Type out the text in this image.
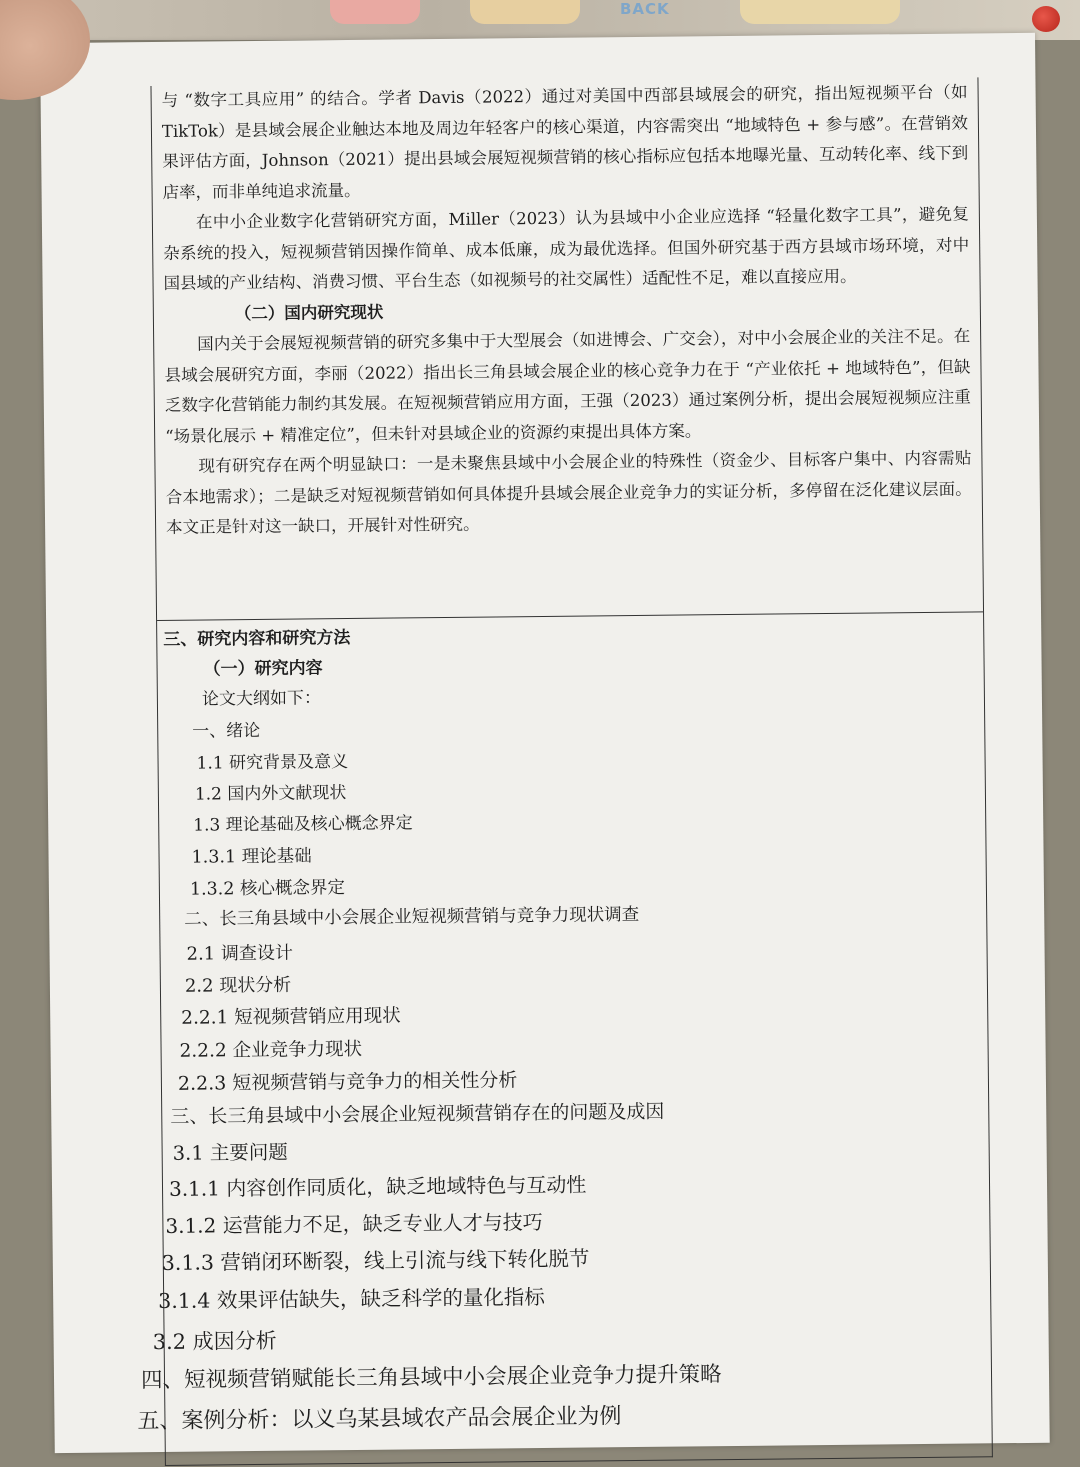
BACK

与 “数字工具应用” 的结合。学者 Davis（2022）通过对美国中西部县域展会的研究，指出短视频平台（如 TikTok）是县域会展企业触达本地及周边年轻客户的核心渠道，内容需突出 “地域特色 + 参与感”。在营销效果评估方面，Johnson（2021）提出县域会展短视频营销的核心指标应包括本地曝光量、互动转化率、线下到店率，而非单纯追求流量。

在中小企业数字化营销研究方面，Miller（2023）认为县域中小企业应选择 “轻量化数字工具”，避免复杂系统的投入，短视频营销因操作简单、成本低廉，成为最优选择。但国外研究基于西方县域市场环境，对中国县域的产业结构、消费习惯、平台生态（如视频号的社交属性）适配性不足，难以直接应用。

（二）国内研究现状

国内关于会展短视频营销的研究多集中于大型展会（如进博会、广交会），对中小会展企业的关注不足。在县域会展研究方面，李丽（2022）指出长三角县域会展企业的核心竞争力在于 “产业依托 + 地域特色”，但缺乏数字化营销能力制约其发展。在短视频营销应用方面，王强（2023）通过案例分析，提出会展短视频应注重 “场景化展示 + 精准定位”，但未针对县域企业的资源约束提出具体方案。

现有研究存在两个明显缺口：一是未聚焦县域中小会展企业的特殊性（资金少、目标客户集中、内容需贴合本地需求）；二是缺乏对短视频营销如何具体提升县域会展企业竞争力的实证分析，多停留在泛化建议层面。本文正是针对这一缺口，开展针对性研究。

三、研究内容和研究方法
（一）研究内容
论文大纲如下：
一、绪论
1.1 研究背景及意义
1.2 国内外文献现状
1.3 理论基础及核心概念界定
1.3.1 理论基础
1.3.2 核心概念界定
二、长三角县域中小会展企业短视频营销与竞争力现状调查
2.1 调查设计
2.2 现状分析
2.2.1 短视频营销应用现状
2.2.2 企业竞争力现状
2.2.3 短视频营销与竞争力的相关性分析
三、长三角县域中小会展企业短视频营销存在的问题及成因
3.1 主要问题
3.1.1 内容创作同质化，缺乏地域特色与互动性
3.1.2 运营能力不足，缺乏专业人才与技巧
3.1.3 营销闭环断裂，线上引流与线下转化脱节
3.1.4 效果评估缺失，缺乏科学的量化指标
3.2 成因分析
四、短视频营销赋能长三角县域中小会展企业竞争力提升策略
五、案例分析：以义乌某县域农产品会展企业为例
